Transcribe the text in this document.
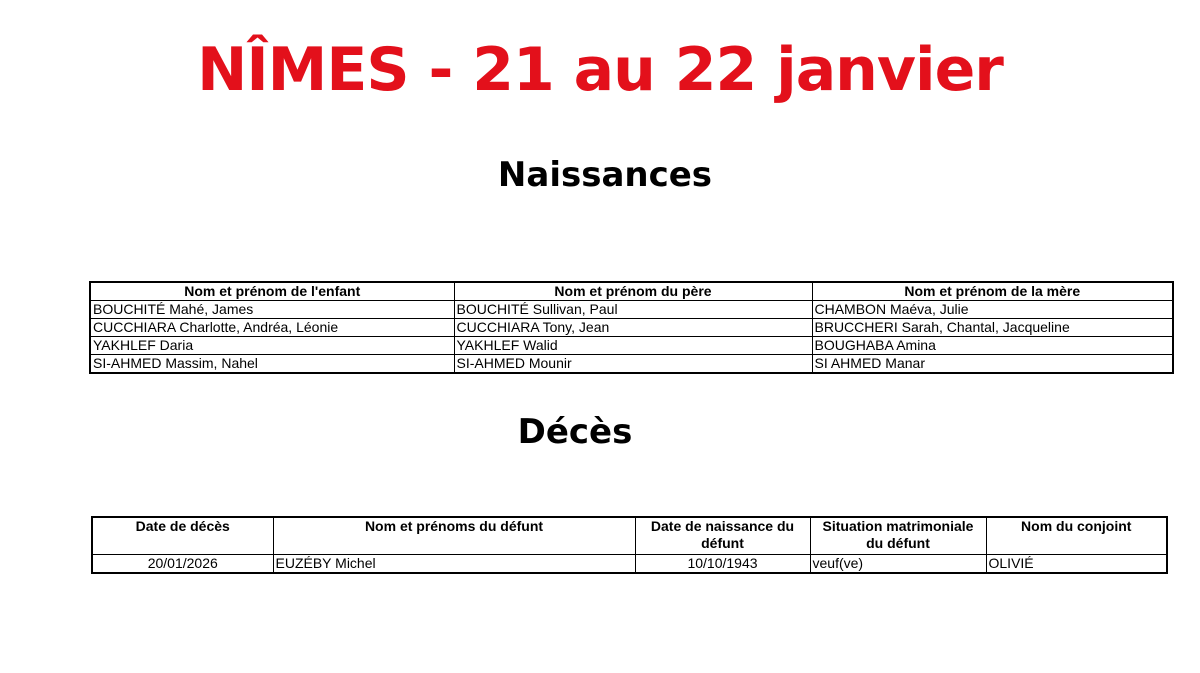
NÎMES - 21 au 22 janvier
Naissances
Nom et prénom de l'enfant	Nom et prénom du père	Nom et prénom de la mère
BOUCHITÉ Mahé, James	BOUCHITÉ Sullivan, Paul	CHAMBON Maéva, Julie
CUCCHIARA Charlotte, Andréa, Léonie	CUCCHIARA Tony, Jean	BRUCCHERI Sarah, Chantal, Jacqueline
YAKHLEF Daria	YAKHLEF Walid	BOUGHABA Amina
SI-AHMED Massim, Nahel	SI-AHMED Mounir	SI AHMED Manar
Décès
Date de décès	Nom et prénoms du défunt	Date de naissance du défunt	Situation matrimoniale du défunt	Nom du conjoint
20/01/2026	EUZÉBY Michel	10/10/1943	veuf(ve)	OLIVIÉ
